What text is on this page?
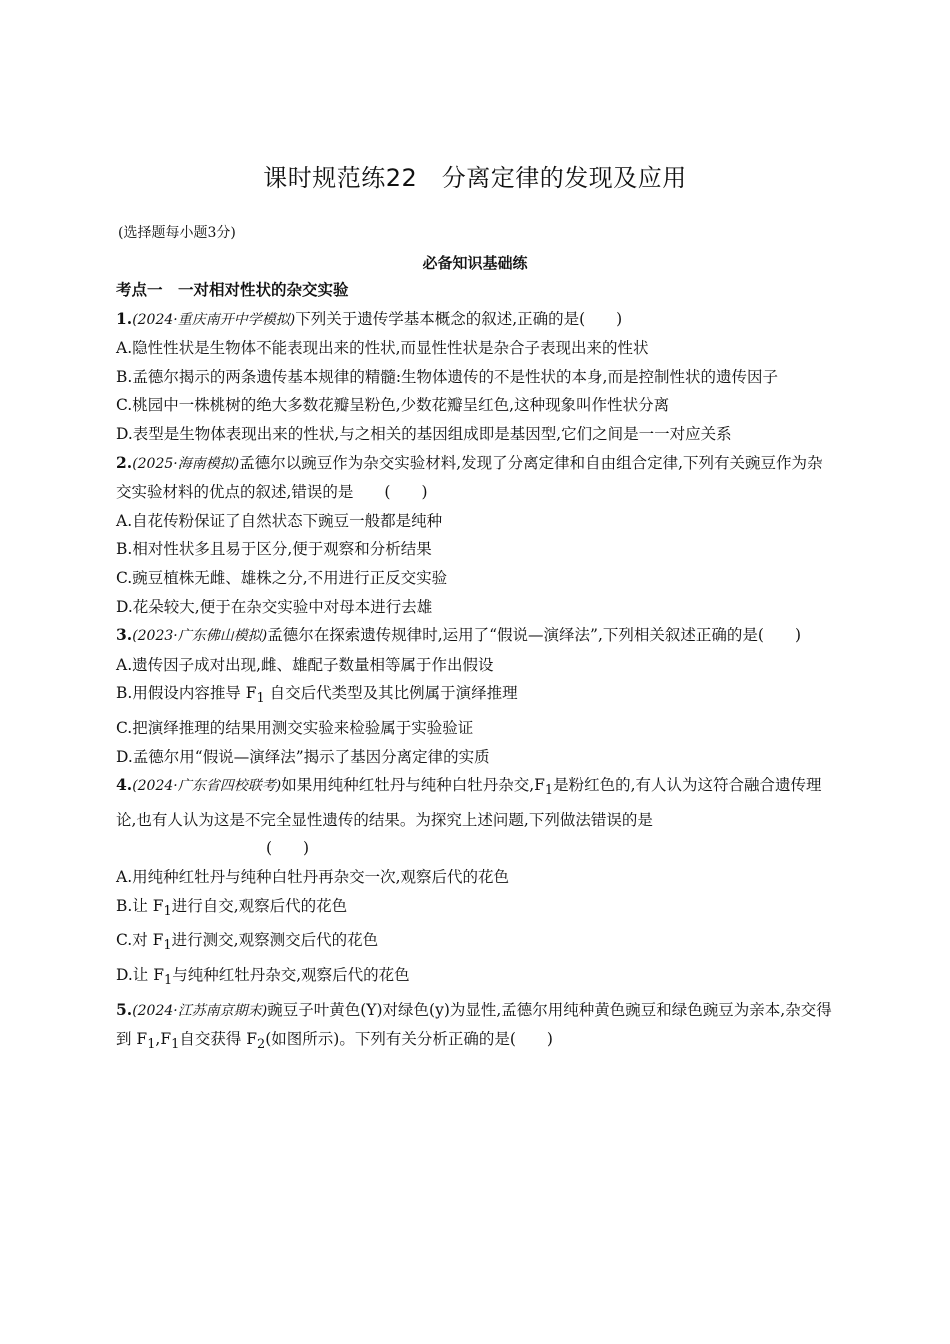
课时规范练22　分离定律的发现及应用
(选择题每小题3分)
必备知识基础练

考点一　一对相对性状的杂交实验

1.(2024·重庆南开中学模拟)下列关于遗传学基本概念的叙述,正确的是(　　)

A.隐性性状是生物体不能表现出来的性状,而显性性状是杂合子表现出来的性状

B.孟德尔揭示的两条遗传基本规律的精髓:生物体遗传的不是性状的本身,而是控制性状的遗传因子

C.桃园中一株桃树的绝大多数花瓣呈粉色,少数花瓣呈红色,这种现象叫作性状分离

D.表型是生物体表现出来的性状,与之相关的基因组成即是基因型,它们之间是一一对应关系

2.(2025·海南模拟)孟德尔以豌豆作为杂交实验材料,发现了分离定律和自由组合定律,下列有关豌豆作为杂交实验材料的优点的叙述,错误的是　　(　　)

A.自花传粉保证了自然状态下豌豆一般都是纯种

B.相对性状多且易于区分,便于观察和分析结果

C.豌豆植株无雌、雄株之分,不用进行正反交实验

D.花朵较大,便于在杂交实验中对母本进行去雄

3.(2023·广东佛山模拟)孟德尔在探索遗传规律时,运用了“假说—演绎法”,下列相关叙述正确的是(　　)

A.遗传因子成对出现,雌、雄配子数量相等属于作出假设

B.用假设内容推导 $F_1$ 自交后代类型及其比例属于演绎推理

C.把演绎推理的结果用测交实验来检验属于实验验证

D.孟德尔用“假说—演绎法”揭示了基因分离定律的实质

4.(2024·广东省四校联考)如果用纯种红牡丹与纯种白牡丹杂交$,F_1$是粉红色的,有人认为这符合融合遗传理论,也有人认为这是不完全显性遗传的结果。为探究上述问题,下列做法错误的是

(　　)

A.用纯种红牡丹与纯种白牡丹再杂交一次,观察后代的花色

B.让 $F_1$进行自交,观察后代的花色

C.对 $F_1$进行测交,观察测交后代的花色

D.让 $F_1$与纯种红牡丹杂交,观察后代的花色

5.(2024·江苏南京期末)豌豆子叶黄色(Y)对绿色(y)为显性,孟德尔用纯种黄色豌豆和绿色豌豆为亲本,杂交得到 $F_1,F_1$自交获得 $F_2$(如图所示)。下列有关分析正确的是(　　)
